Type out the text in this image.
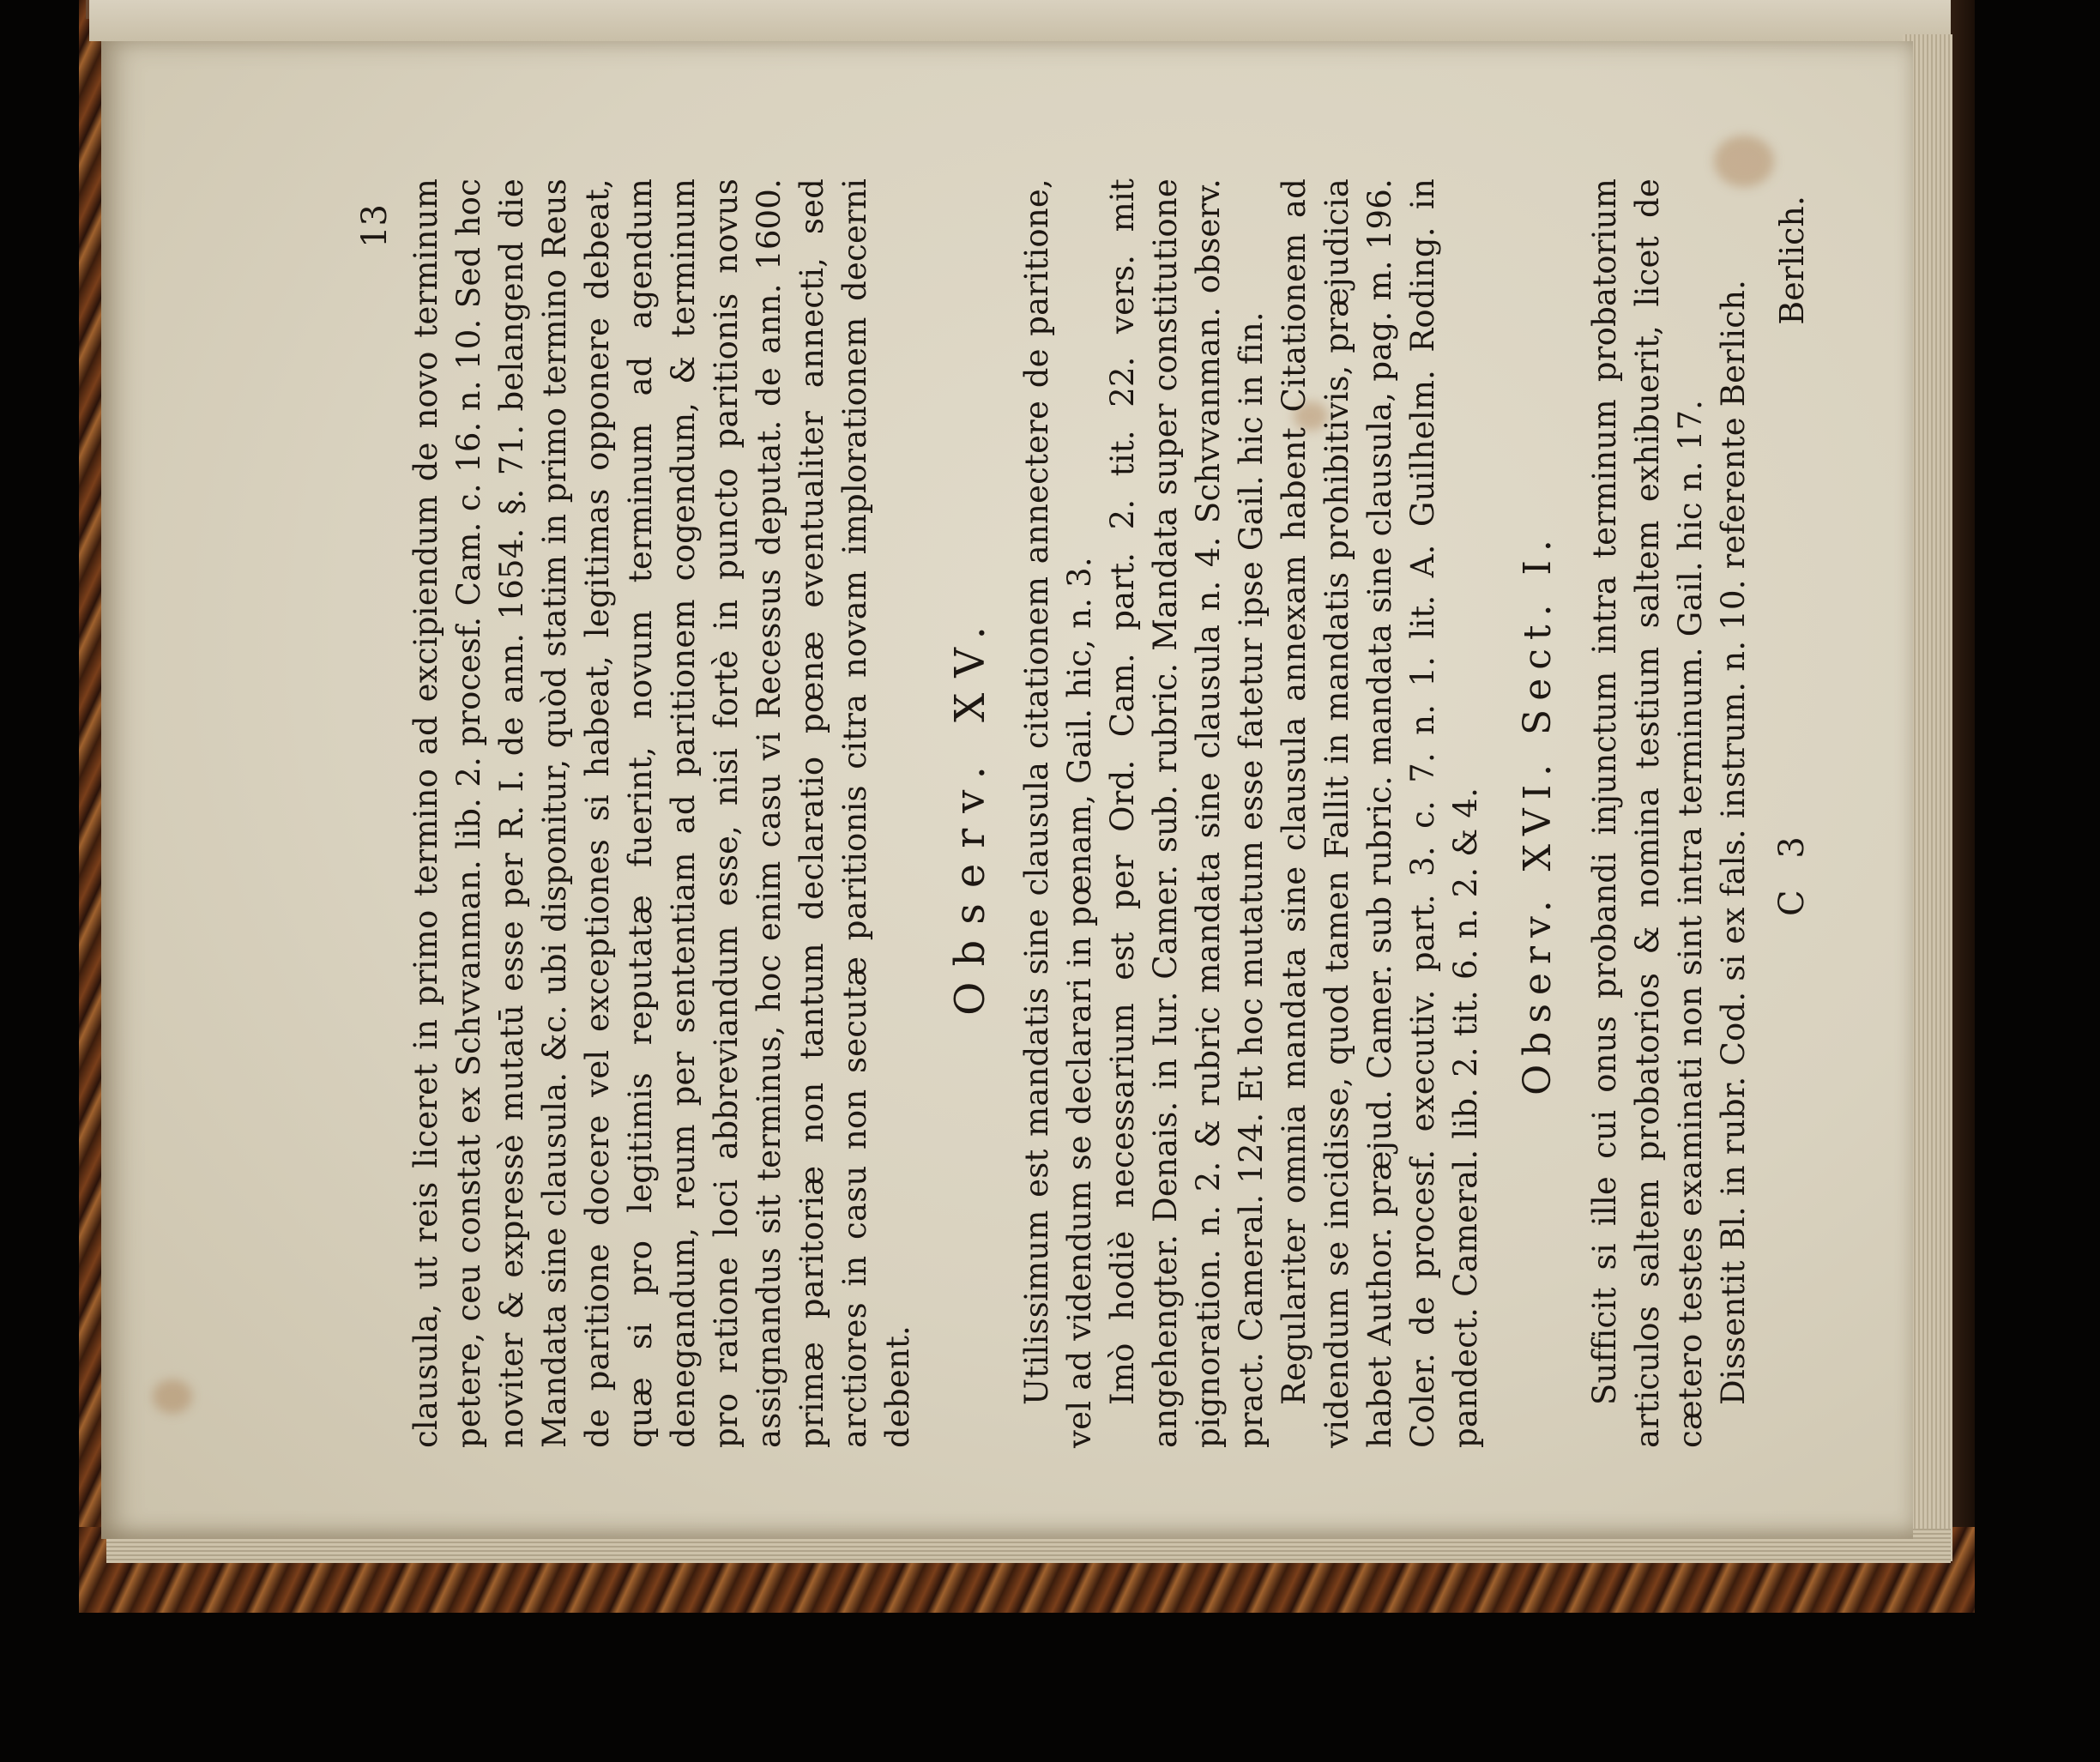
13 clausula, ut reis liceret in primo termino ad excipiendum de novo terminum petere, ceu constat ex Schvvanman. lib. 2. procesf. Cam. c. 16. n. 10. Sed hoc noviter & expressè mutatū esse per R. I. de ann. 1654. §. 71. belangend die Mandata sine clausula. &c. ubi disponitur, quòd statim in primo termino Reus de paritione docere vel exceptiones si habeat, legitimas opponere debeat, quæ si pro legitimis reputatæ fuerint, novum terminum ad agendum denegandum, reum per sententiam ad paritionem cogendum, & terminum pro ratione loci abbreviandum esse, nisi fortè in puncto paritionis novus assignandus sit terminus, hoc enim casu vi Recessus deputat. de ann. 1600. primæ paritoriæ non tantum declaratio pœnæ eventualiter annecti, sed arctiores in casu non secutæ paritionis citra novam implorationem decerni debent.

Observ. XV. Utilissimum est mandatis sine clausula citationem annectere de paritione, vel ad videndum se declarari in pœnam, Gail. hic, n. 3. Imò hodiè necessarium est per Ord. Cam. part. 2. tit. 22. vers. mit angehengter. Denais. in Iur. Camer. sub. rubric. Mandata super constitutione pignoration. n. 2. & rubric mandata sine clausula n. 4. Schvvanman. observ. pract. Cameral. 124. Et hoc mutatum esse fatetur ipse Gail. hic in fin. Regulariter omnia mandata sine clausula annexam habent Citationem ad videndum se incidisse, quod tamen Fallit in mandatis prohibitivis, præjudicia habet Author. præjud. Camer. sub rubric. mandata sine clausula, pag. m. 196. Coler. de procesf. executiv. part. 3. c. 7. n. 1. lit. A. Guilhelm. Roding. in pandect. Cameral. lib. 2. tit. 6. n. 2. & 4. Observ. XVI. Sect. I. Sufficit si ille cui onus probandi injunctum intra terminum probatorium articulos saltem probatorios & nomina testium saltem exhibuerit, licet de cætero testes examinati non sint intra terminum. Gail. hic n. 17. Dissentit Bl. in rubr. Cod. si ex fals. instrum. n. 10. referente Berlich. C 3
Berlich.
